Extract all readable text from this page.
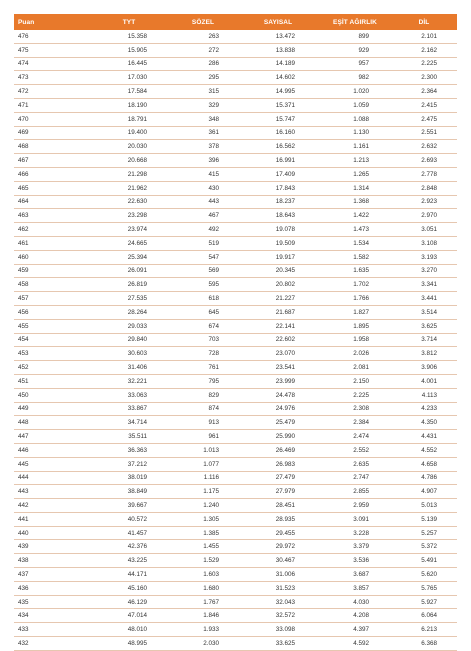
Puan	TYT	SÖZEL	SAYISAL	EŞİT AĞIRLIK	DİL
476	15.358	263	13.472	899	2.101
475	15.905	272	13.838	929	2.162
474	16.445	286	14.189	957	2.225
473	17.030	295	14.602	982	2.300
472	17.584	315	14.995	1.020	2.364
471	18.190	329	15.371	1.059	2.415
470	18.791	348	15.747	1.088	2.475
469	19.400	361	16.160	1.130	2.551
468	20.030	378	16.562	1.161	2.632
467	20.668	396	16.991	1.213	2.693
466	21.298	415	17.409	1.265	2.778
465	21.962	430	17.843	1.314	2.848
464	22.630	443	18.237	1.368	2.923
463	23.298	467	18.643	1.422	2.970
462	23.974	492	19.078	1.473	3.051
461	24.665	519	19.509	1.534	3.108
460	25.394	547	19.917	1.582	3.193
459	26.091	569	20.345	1.635	3.270
458	26.819	595	20.802	1.702	3.341
457	27.535	618	21.227	1.766	3.441
456	28.264	645	21.687	1.827	3.514
455	29.033	674	22.141	1.895	3.625
454	29.840	703	22.602	1.958	3.714
453	30.603	728	23.070	2.026	3.812
452	31.406	761	23.541	2.081	3.906
451	32.221	795	23.999	2.150	4.001
450	33.063	829	24.478	2.225	4.113
449	33.867	874	24.976	2.308	4.233
448	34.714	913	25.479	2.384	4.350
447	35.511	961	25.990	2.474	4.431
446	36.363	1.013	26.469	2.552	4.552
445	37.212	1.077	26.983	2.635	4.658
444	38.019	1.116	27.479	2.747	4.786
443	38.849	1.175	27.979	2.855	4.907
442	39.667	1.240	28.451	2.959	5.013
441	40.572	1.305	28.935	3.091	5.139
440	41.457	1.385	29.455	3.228	5.257
439	42.376	1.455	29.972	3.379	5.372
438	43.225	1.529	30.467	3.536	5.491
437	44.171	1.603	31.006	3.687	5.620
436	45.160	1.680	31.523	3.857	5.765
435	46.129	1.767	32.043	4.030	5.927
434	47.014	1.846	32.572	4.208	6.064
433	48.010	1.933	33.098	4.397	6.213
432	48.995	2.030	33.625	4.592	6.368
